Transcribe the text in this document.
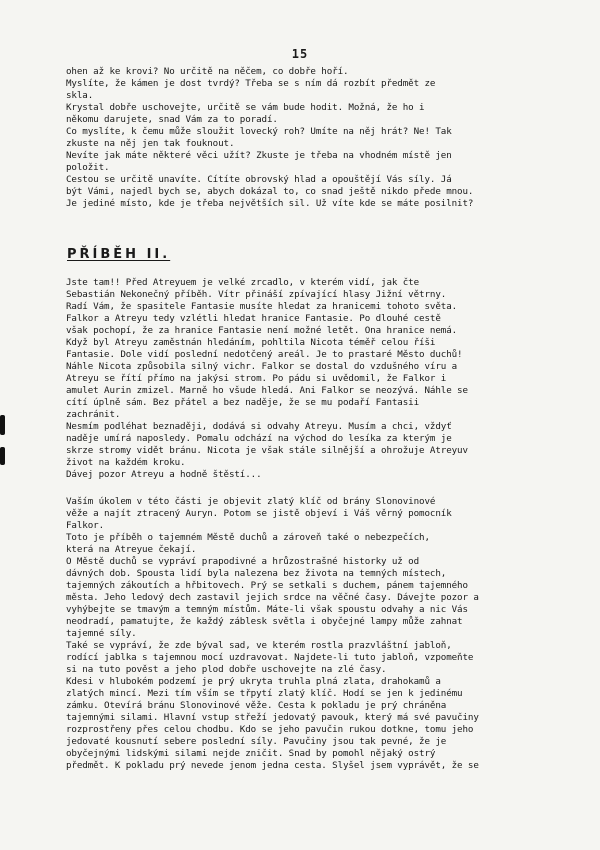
15
ohen až ke krovi? No určitě na něčem, co dobře hoří.
Myslíte, že kámen je dost tvrdý? Třeba se s ním dá rozbít předmět ze
skla.
Krystal dobře uschovejte, určitě se vám bude hodit. Možná, že ho i
někomu darujete, snad Vám za to poradí.
Co myslíte, k čemu může sloužit lovecký roh? Umíte na něj hrát? Ne! Tak
zkuste na něj jen tak fouknout.
Nevíte jak máte některé věci užít? Zkuste je třeba na vhodném místě jen
položit.
Cestou se určitě unavíte. Cítíte obrovský hlad a opouštějí Vás síly. Já
být Vámi, najedl bych se, abych dokázal to, co snad ještě nikdo přede mnou.
Je jediné místo, kde je třeba největších sil. Už víte kde se máte posilnit?
PŘÍBĚH II.
Jste tam!! Před Atreyuem je velké zrcadlo, v kterém vidí, jak čte
Sebastián Nekonečný příběh. Vítr přináší zpívající hlasy Jižní větrny.
Radí Vám, že spasitele Fantasie musíte hledat za hranicemi tohoto světa.
Falkor a Atreyu tedy vzlétli hledat hranice Fantasie. Po dlouhé cestě
však pochopí, že za hranice Fantasie není možné letět. Ona hranice nemá.
Když byl Atreyu zaměstnán hledáním, pohltila Nicota téměř celou říši
Fantasie. Dole vidí poslední nedotčený areál. Je to prastaré Město duchů!
Náhle Nicota způsobila silný vichr. Falkor se dostal do vzdušného víru a
Atreyu se řítí přímo na jakýsi strom. Po pádu si uvědomil, že Falkor i
amulet Aurin zmizel. Marně ho všude hledá. Ani Falkor se neozývá. Náhle se
cítí úplně sám. Bez přátel a bez naděje, že se mu podaří Fantasii
zachránit.
Nesmím podléhat beznaději, dodává si odvahy Atreyu. Musím a chci, vždyť
naděje umírá naposledy. Pomalu odchází na východ do lesíka za kterým je
skrze stromy vidět bránu. Nicota je však stále silnější a ohrožuje Atreyuv
život na každém kroku.
Dávej pozor Atreyu a hodně štěstí...
Vaším úkolem v této části je objevit zlatý klíč od brány Slonovinové
věže a najít ztracený Auryn. Potom se jistě objeví i Váš věrný pomocník
Falkor.
Toto je příběh o tajemném Městě duchů a zároveň také o nebezpečích,
která na Atreyue čekají.
O Městě duchů se vypráví prapodivné a hrůzostrašné historky už od
dávných dob. Spousta lidí byla nalezena bez života na temných místech,
tajemných zákoutích a hřbitovech. Prý se setkali s duchem, pánem tajemného
města. Jeho ledový dech zastavil jejich srdce na věčné časy. Dávejte pozor a
vyhýbejte se tmavým a temným místům. Máte-li však spoustu odvahy a nic Vás
neodradí, pamatujte, že každý záblesk světla i obyčejné lampy může zahnat
tajemné síly.
Také se vypráví, že zde býval sad, ve kterém rostla prazvláštní jabloň,
rodící jablka s tajemnou mocí uzdravovat. Najdete-li tuto jabloň, vzpomeňte
si na tuto pověst a jeho plod dobře uschovejte na zlé časy.
Kdesi v hlubokém podzemí je prý ukryta truhla plná zlata, drahokamů a
zlatých mincí. Mezi tím vším se třpytí zlatý klíč. Hodí se jen k jedinému
zámku. Otevírá bránu Slonovinové věže. Cesta k pokladu je prý chráněna
tajemnými silami. Hlavní vstup střeží jedovatý pavouk, který má své pavučiny
rozprostřeny přes celou chodbu. Kdo se jeho pavučin rukou dotkne, tomu jeho
jedovaté kousnutí sebere poslední síly. Pavučiny jsou tak pevné, že je
obyčejnými lidskými silami nejde zničit. Snad by pomohl nějaký ostrý
předmět. K pokladu prý nevede jenom jedna cesta. Slyšel jsem vyprávět, že se
